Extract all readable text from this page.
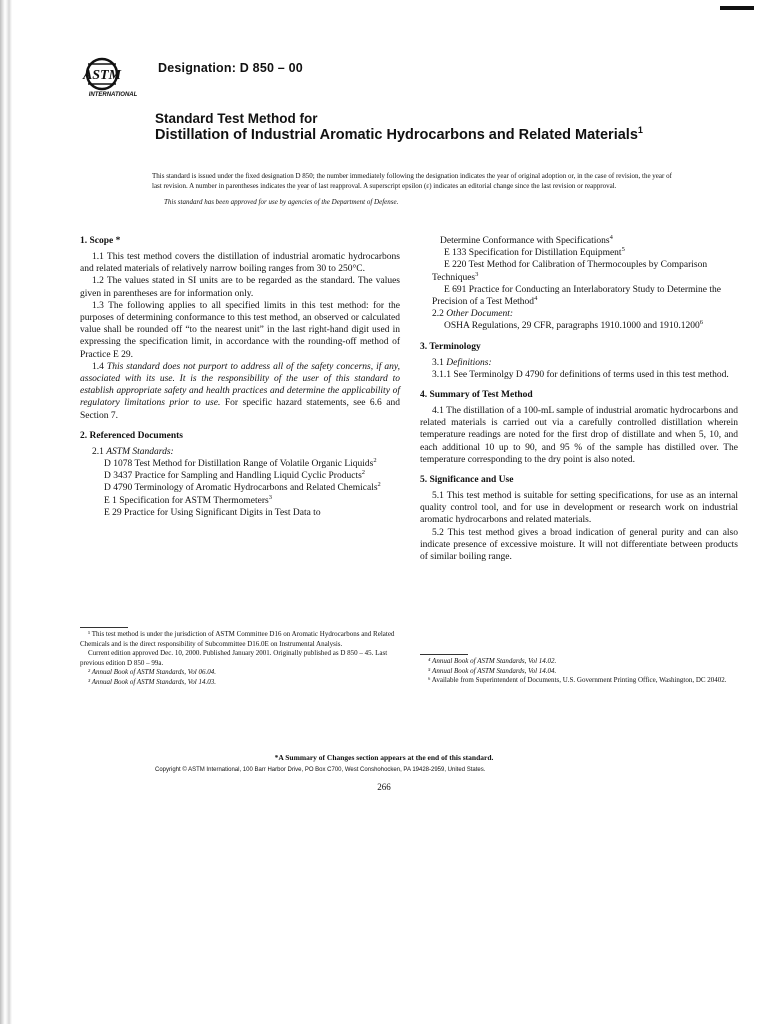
ASTM
INTERNATIONAL
Designation: D 850 – 00
Standard Test Method for
Distillation of Industrial Aromatic Hydrocarbons and Related Materials$^1$

This standard is issued under the fixed designation D 850; the number immediately following the designation indicates the year of original adoption or, in the case of revision, the year of last revision. A number in parentheses indicates the year of last reapproval. A superscript epsilon (ε) indicates an editorial change since the last revision or reapproval.

This standard has been approved for use by agencies of the Department of Defense.

1. Scope *

1.1 This test method covers the distillation of industrial aromatic hydrocarbons and related materials of relatively narrow boiling ranges from 30 to 250°C.

1.2 The values stated in SI units are to be regarded as the standard. The values given in parentheses are for information only.

1.3 The following applies to all specified limits in this test method: for the purposes of determining conformance to this test method, an observed or calculated value shall be rounded off “to the nearest unit” in the last right-hand digit used in expressing the specification limit, in accordance with the rounding-off method of Practice E 29.

1.4 This standard does not purport to address all of the safety concerns, if any, associated with its use. It is the responsibility of the user of this standard to establish appropriate safety and health practices and determine the applicability of regulatory limitations prior to use. For specific hazard statements, see 6.6 and Section 7.

2. Referenced Documents

2.1 ASTM Standards:

D 1078 Test Method for Distillation Range of Volatile Organic Liquids$^2$

D 3437 Practice for Sampling and Handling Liquid Cyclic Products$^2$

D 4790 Terminology of Aromatic Hydrocarbons and Related Chemicals$^2$

E 1 Specification for ASTM Thermometers$^3$

E 29 Practice for Using Significant Digits in Test Data to

Determine Conformance with Specifications$^4$

E 133 Specification for Distillation Equipment$^5$

E 220 Test Method for Calibration of Thermocouples by Comparison Techniques$^3$

E 691 Practice for Conducting an Interlaboratory Study to Determine the Precision of a Test Method$^4$

2.2 Other Document:

OSHA Regulations, 29 CFR, paragraphs 1910.1000 and 1910.1200$^6$

3. Terminology

3.1 Definitions:

3.1.1 See Terminolgy D 4790 for definitions of terms used in this test method.

4. Summary of Test Method

4.1 The distillation of a 100-mL sample of industrial aromatic hydrocarbons and related materials is carried out via a carefully controlled distillation wherein temperature readings are noted for the first drop of distillate and when 5, 10, and each additional 10 up to 90, and 95 % of the sample has distilled over. The temperature corresponding to the dry point is also noted.

5. Significance and Use

5.1 This test method is suitable for setting specifications, for use as an internal quality control tool, and for use in development or research work on industrial aromatic hydrocarbons and related materials.

5.2 This test method gives a broad indication of general purity and can also indicate presence of excessive moisture. It will not differentiate between products of similar boiling range.

¹ This test method is under the jurisdiction of ASTM Committee D16 on Aromatic Hydrocarbons and Related Chemicals and is the direct responsibility of Subcommittee D16.0E on Instrumental Analysis.

Current edition approved Dec. 10, 2000. Published January 2001. Originally published as D 850 – 45. Last previous edition D 850 – 99a.

² Annual Book of ASTM Standards, Vol 06.04.

³ Annual Book of ASTM Standards, Vol 14.03.

⁴ Annual Book of ASTM Standards, Vol 14.02.

⁵ Annual Book of ASTM Standards, Vol 14.04.

⁶ Available from Superintendent of Documents, U.S. Government Printing Office, Washington, DC 20402.

*A Summary of Changes section appears at the end of this standard.
Copyright © ASTM International, 100 Barr Harbor Drive, PO Box C700, West Conshohocken, PA 19428-2959, United States.
266
